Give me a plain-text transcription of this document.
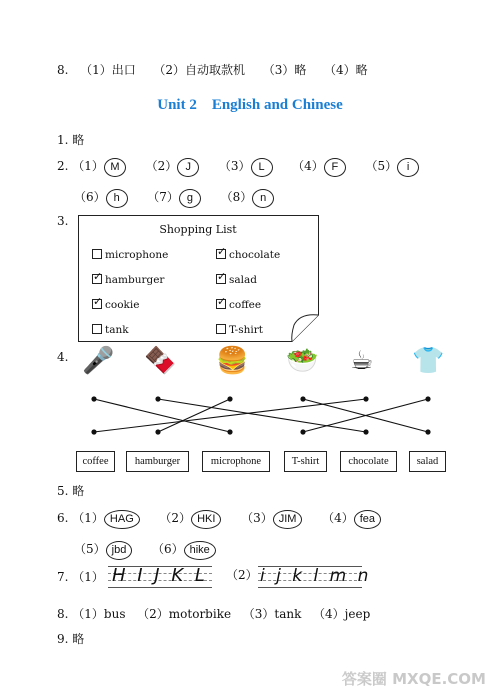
8. （1）出口 （2）自动取款机 （3）略 （4）略
Unit 2　English and Chinese
1. 略
2. （1） M （2） J （3） L （4） F （5） i
（6） h （7） g （8） n
3.
Shopping List
microphone ✓	chocolate
✓hamburger ✓	salad
✓cookie ✓	coffee
tank	T-shirt
4. 🎤 🍫 🍔 🥗 ☕ 👕
coffee	hamburger	microphone	T-shirt	chocolate	salad
5. 略
6. （1） HAG （2） HKI （3） JIM （4） fea
（5） jbd （6） hike
7. （1） H I J K L （2） i j k l m n
8. （1）bus （2）motorbike （3）tank （4）jeep
9. 略
答案圈 MXQE.COM
